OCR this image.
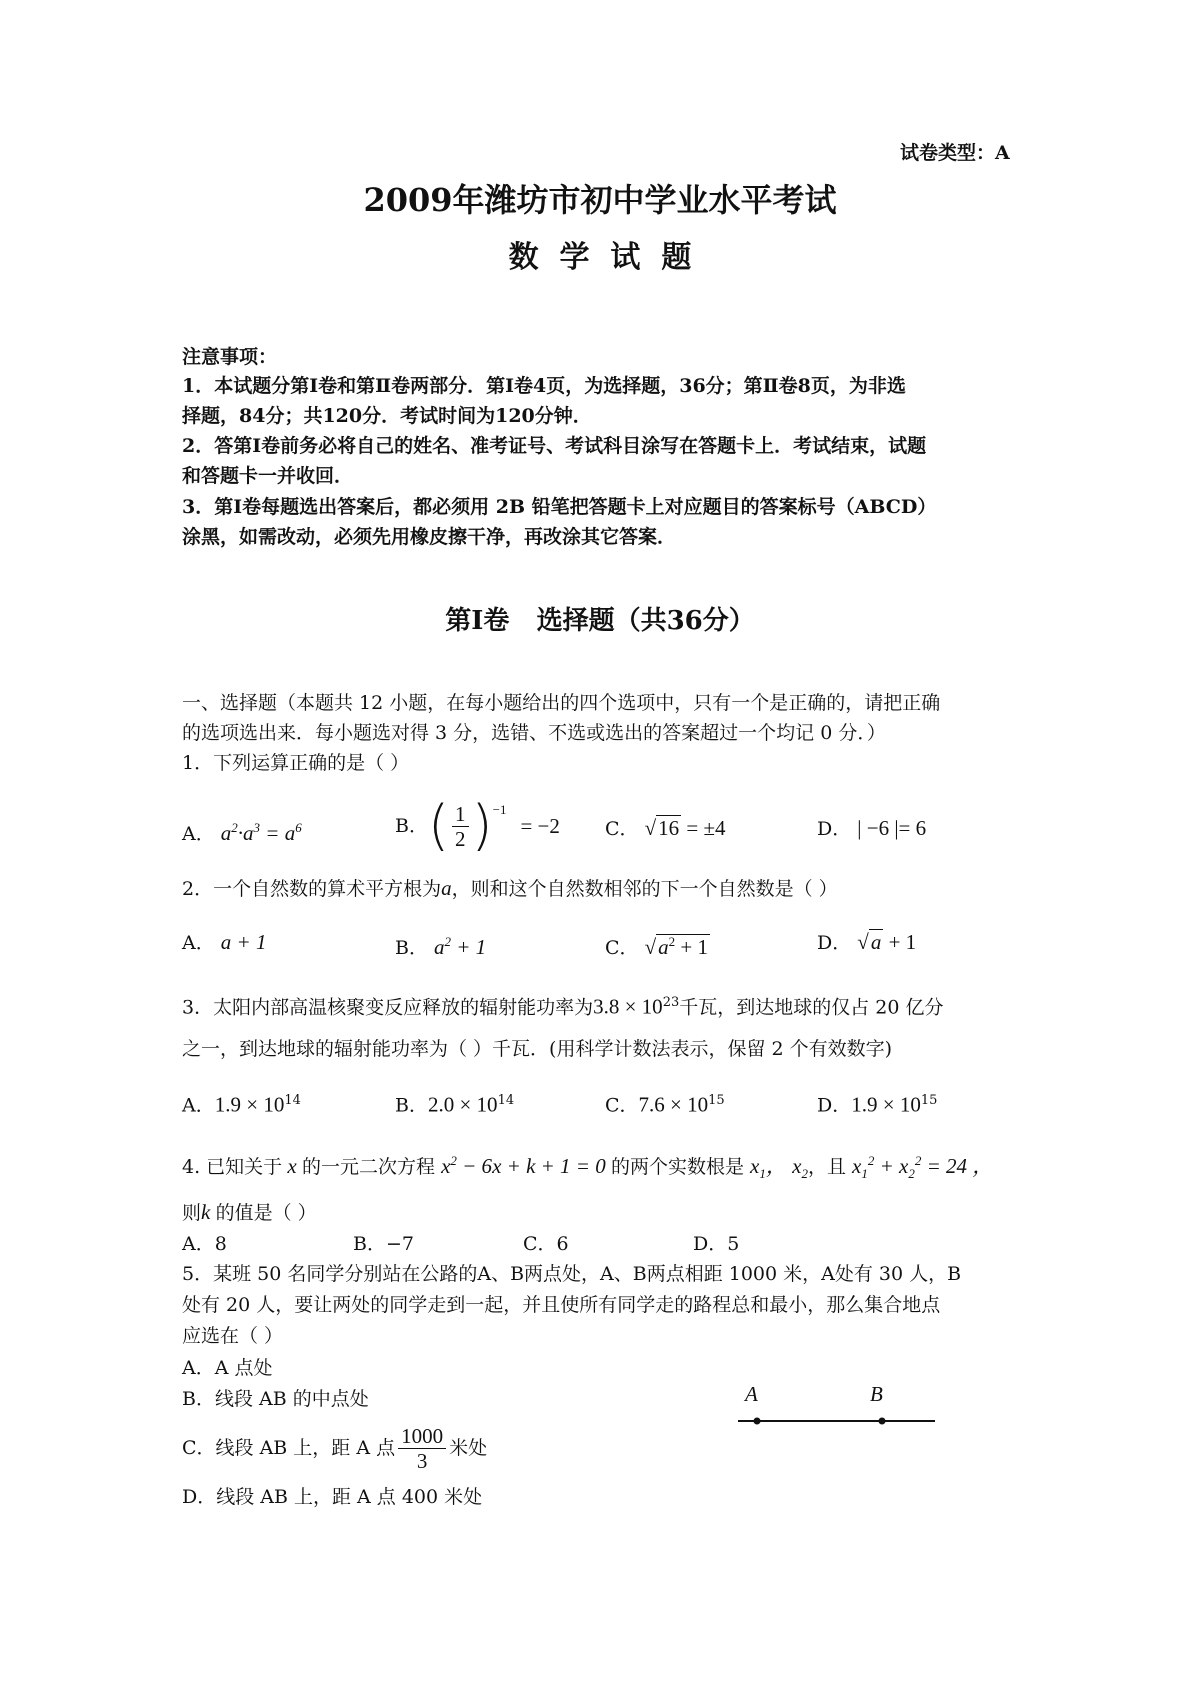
试卷类型：A
2009年潍坊市初中学业水平考试
数  学  试  题
注意事项：
1．本试题分第Ⅰ卷和第Ⅱ卷两部分．第Ⅰ卷4页，为选择题，36分；第Ⅱ卷8页，为非选
择题，84分；共120分．考试时间为120分钟．
2．答第Ⅰ卷前务必将自己的姓名、准考证号、考试科目涂写在答题卡上．考试结束，试题
和答题卡一并收回．
3．第Ⅰ卷每题选出答案后，都必须用 2B 铅笔把答题卡上对应题目的答案标号（ABCD）
涂黑，如需改动，必须先用橡皮擦干净，再改涂其它答案．
第Ⅰ卷   选择题（共36分）
一、选择题（本题共 12 小题，在每小题给出的四个选项中，只有一个是正确的，请把正确
的选项选出来．每小题选对得 3 分，选错、不选或选出的答案超过一个均记 0 分．）
1．下列运算正确的是（ ）
A． $a^2\cdot a^3 = a^6$	B． ( $\frac{1}{2}$ ) −1
= −2 C． √16 = ±4	D． | −6 |= 6
2．一个自然数的算术平方根为a，则和这个自然数相邻的下一个自然数是（ ）
A． a + 1	B． $a^2 + 1$	C． $√a^2 + 1$	D． √a + 1
3．太阳内部高温核聚变反应释放的辐射能功率为$3.8 \times 10^{23}$千瓦，到达地球的仅占 20 亿分
之一，到达地球的辐射能功率为（ ）千瓦．(用科学计数法表示，保留 2 个有效数字)
A．$1.9 \times 10^{14}$	B．$2.0 \times 10^{14}$	C．$7.6 \times 10^{15}$	D．$1.9 \times 10^{15}$
4. 已知关于 x 的一元二次方程 $x^2 - 6x + k + 1 = 0$ 的两个实数根是 $x_1$， $x_2$，且 $x_1^2 + x_2^2 = 24$ ，
则k 的值是（ ）
A．8	B．−7	C．6	D．5
5．某班 50 名同学分别站在公路的A、B两点处，A、B两点相距 1000 米，A处有 30 人，B
处有 20 人，要让两处的同学走到一起，并且使所有同学走的路程总和最小，那么集合地点
应选在（ ）
A．A 点处
B．线段 AB 的中点处
C．线段 AB 上，距 A 点 $\frac{1000}{3}$ 米处
D．线段 AB 上，距 A 点 400 米处
A	B
